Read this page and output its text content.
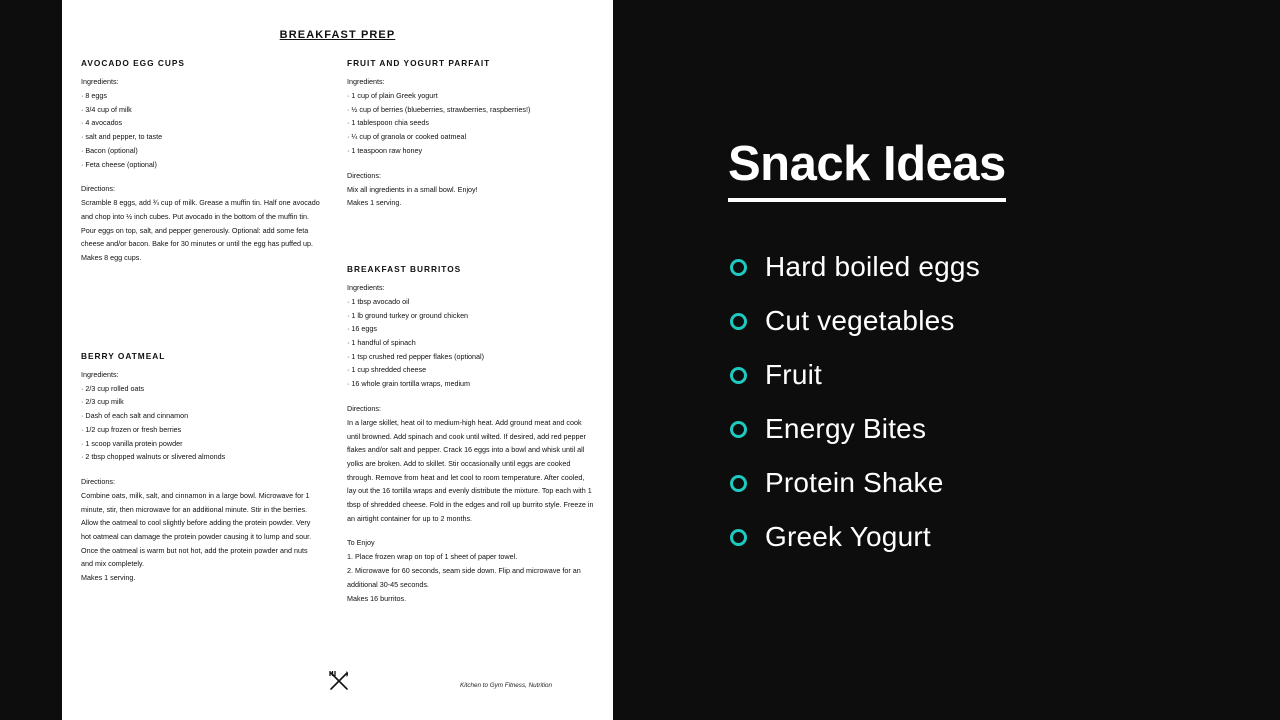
BREAKFAST PREP
AVOCADO EGG CUPS
Ingredients:
· 8 eggs
· 3/4 cup of milk
· 4 avocados
· salt and pepper, to taste
· Bacon (optional)
· Feta cheese (optional)
Directions:

Scramble 8 eggs, add ¾ cup of milk. Grease a muffin tin. Half one avocado and chop into ½ inch cubes. Put avocado in the bottom of the muffin tin. Pour eggs on top, salt, and pepper generously. Optional: add some feta cheese and/or bacon. Bake for 30 minutes or until the egg has puffed up.

Makes 8 egg cups.

BERRY OATMEAL
Ingredients:
· 2/3 cup rolled oats
· 2/3 cup milk
· Dash of each salt and cinnamon
· 1/2 cup frozen or fresh berries
· 1 scoop vanilla protein powder
· 2 tbsp chopped walnuts or slivered almonds
Directions:

Combine oats, milk, salt, and cinnamon in a large bowl. Microwave for 1 minute, stir, then microwave for an additional minute. Stir in the berries. Allow the oatmeal to cool slightly before adding the protein powder. Very hot oatmeal can damage the protein powder causing it to lump and sour. Once the oatmeal is warm but not hot, add the protein powder and nuts and mix completely.

Makes 1 serving.

FRUIT AND YOGURT PARFAIT
Ingredients:
· 1 cup of plain Greek yogurt
· ½ cup of berries (blueberries, strawberries, raspberries!)
· 1 tablespoon chia seeds
· ¼ cup of granola or cooked oatmeal
· 1 teaspoon raw honey
Directions:

Mix all ingredients in a small bowl. Enjoy!

Makes 1 serving.

BREAKFAST BURRITOS
Ingredients:
· 1 tbsp avocado oil
· 1 lb ground turkey or ground chicken
· 16 eggs
· 1 handful of spinach
· 1 tsp crushed red pepper flakes (optional)
· 1 cup shredded cheese
· 16 whole grain tortilla wraps, medium
Directions:

In a large skillet, heat oil to medium-high heat. Add ground meat and cook until browned. Add spinach and cook until wilted. If desired, add red pepper flakes and/or salt and pepper. Crack 16 eggs into a bowl and whisk until all yolks are broken. Add to skillet. Stir occasionally until eggs are cooked through. Remove from heat and let cool to room temperature. After cooled, lay out the 16 tortilla wraps and evenly distribute the mixture. Top each with 1 tbsp of shredded cheese. Fold in the edges and roll up burrito style. Freeze in an airtight container for up to 2 months.

To Enjoy

1. Place frozen wrap on top of 1 sheet of paper towel.

2. Microwave for 60 seconds, seam side down. Flip and microwave for an additional 30-45 seconds.

Makes 16 burritos.

Kitchen to Gym Fitness, Nutrition
Snack Ideas
Hard boiled eggs
Cut vegetables
Fruit
Energy Bites
Protein Shake
Greek Yogurt
